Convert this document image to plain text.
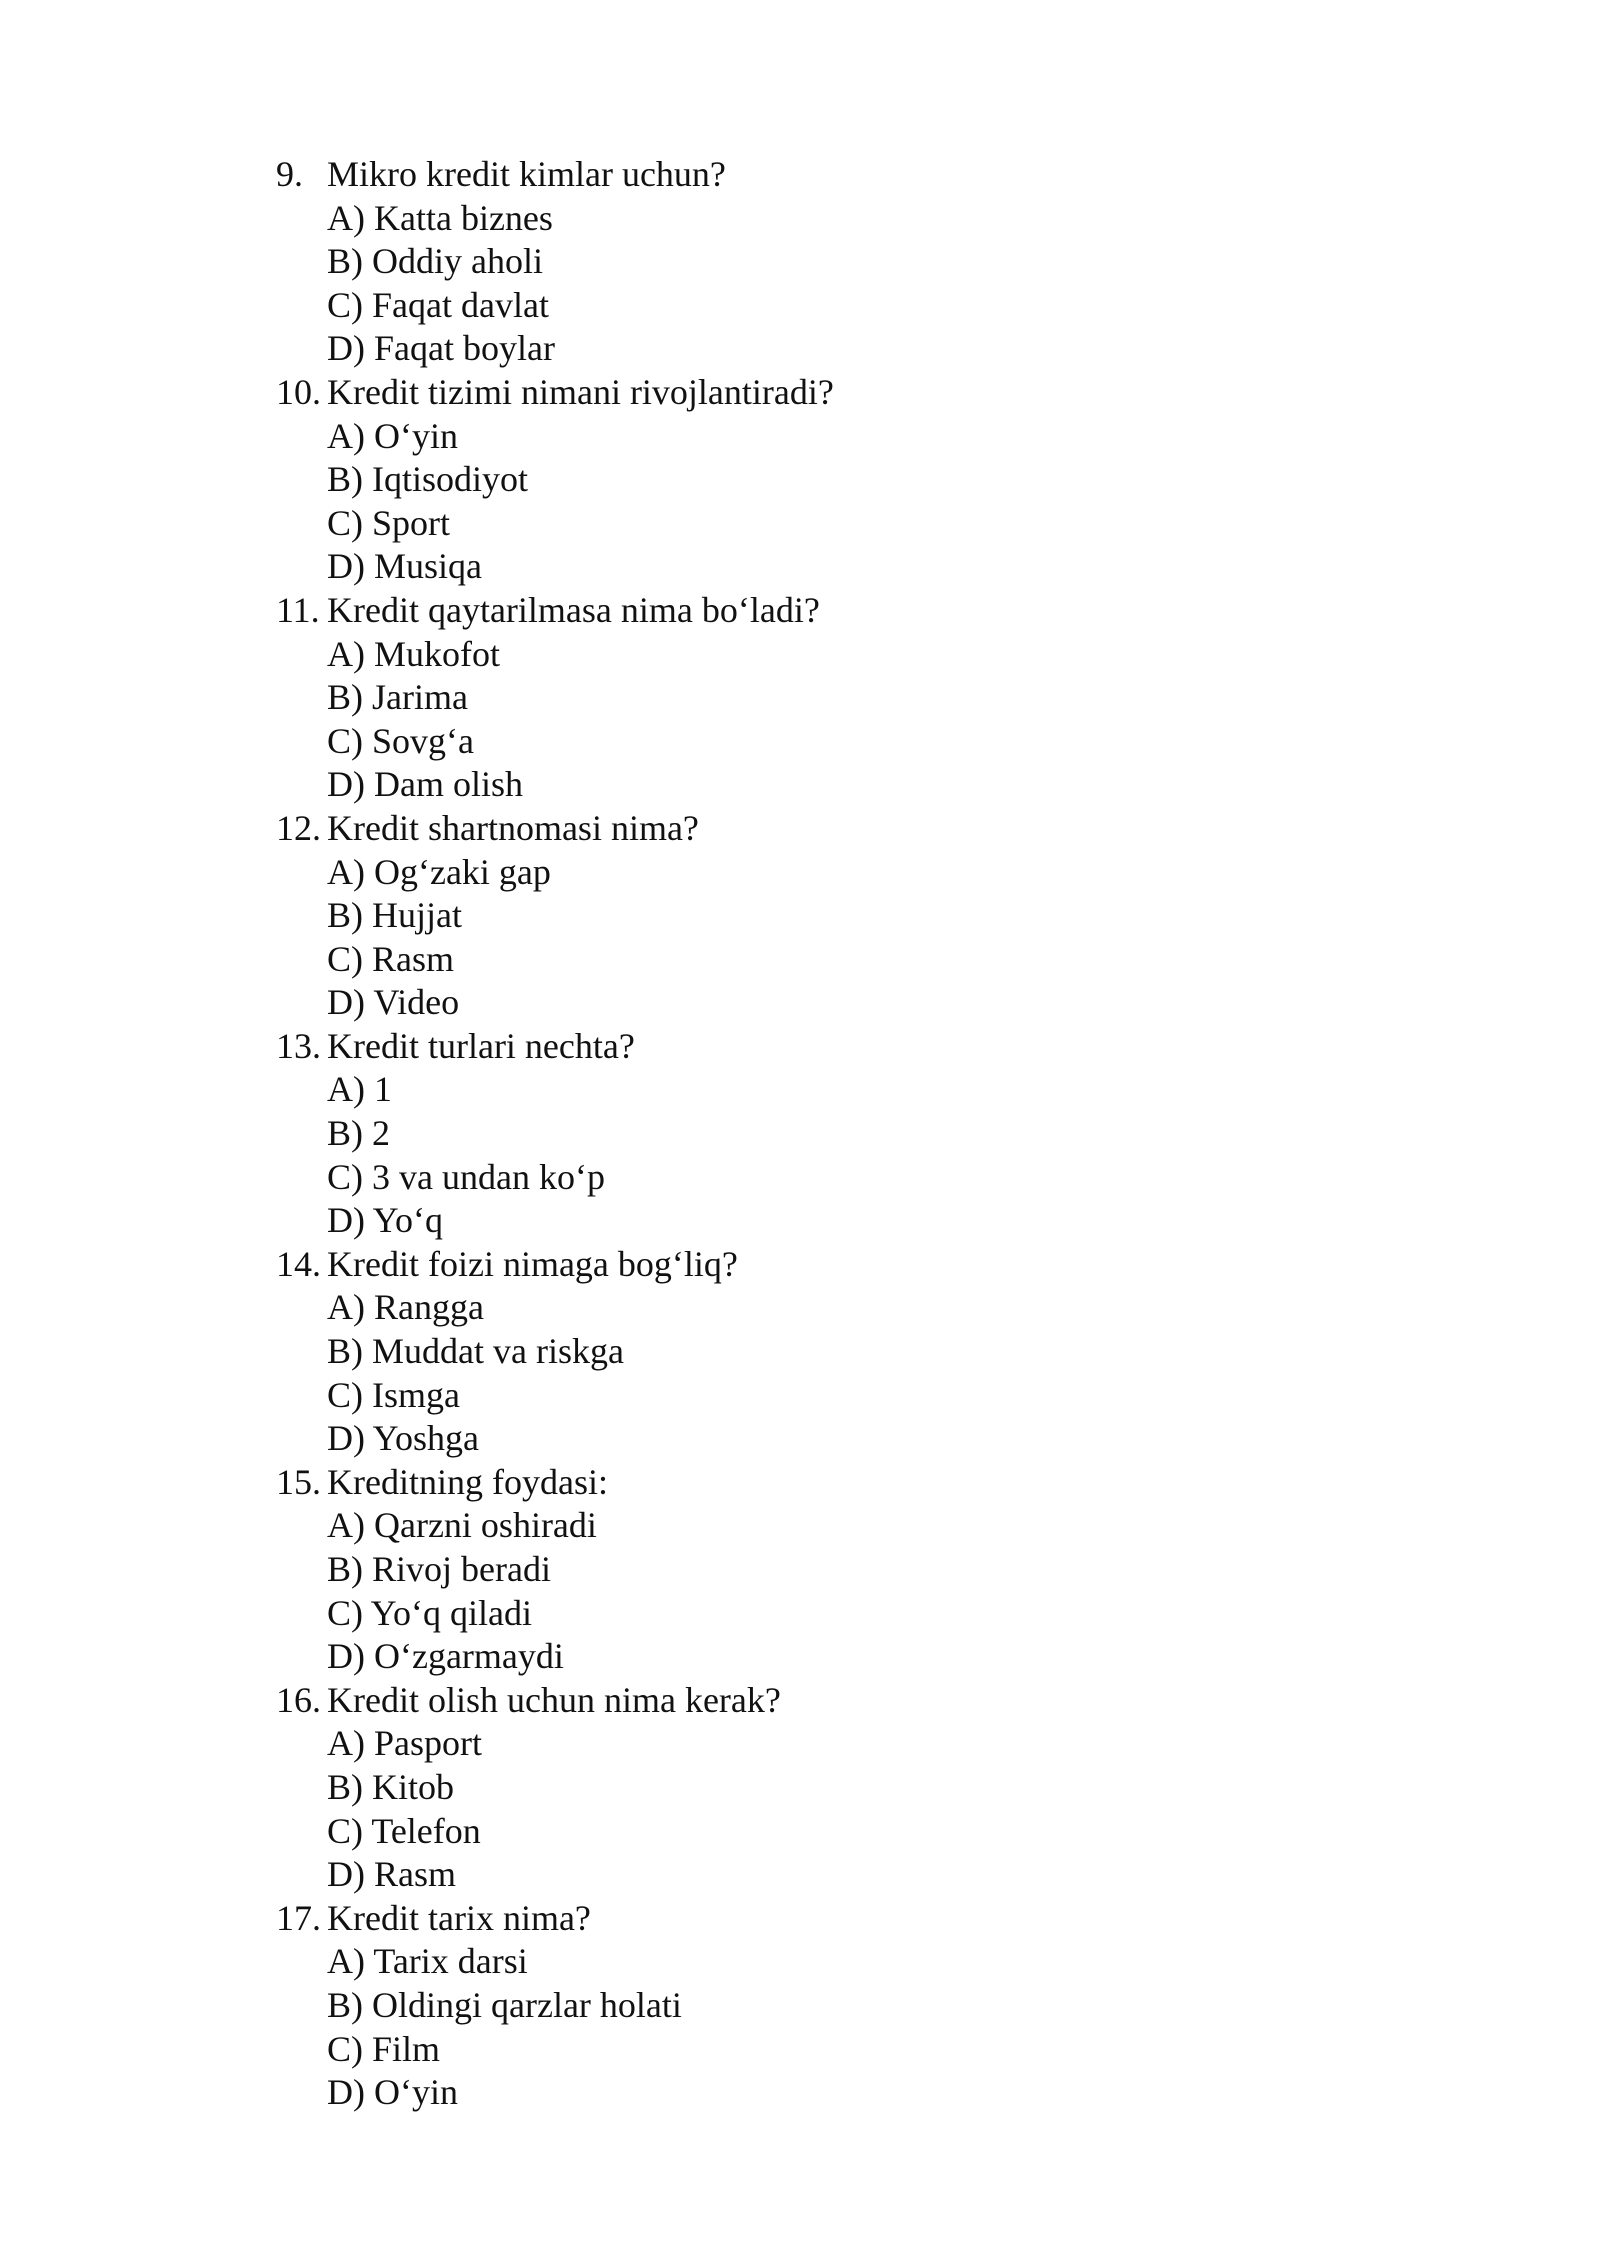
9. Mikro kredit kimlar uchun?
A) Katta biznes
B) Oddiy aholi
C) Faqat davlat
D) Faqat boylar
10. Kredit tizimi nimani rivojlantiradi?
A) O‘yin
B) Iqtisodiyot
C) Sport
D) Musiqa
11. Kredit qaytarilmasa nima bo‘ladi?
A) Mukofot
B) Jarima
C) Sovg‘a
D) Dam olish
12. Kredit shartnomasi nima?
A) Og‘zaki gap
B) Hujjat
C) Rasm
D) Video
13. Kredit turlari nechta?
A) 1
B) 2
C) 3 va undan ko‘p
D) Yo‘q
14. Kredit foizi nimaga bog‘liq?
A) Rangga
B) Muddat va riskga
C) Ismga
D) Yoshga
15. Kreditning foydasi:
A) Qarzni oshiradi
B) Rivoj beradi
C) Yo‘q qiladi
D) O‘zgarmaydi
16. Kredit olish uchun nima kerak?
A) Pasport
B) Kitob
C) Telefon
D) Rasm
17. Kredit tarix nima?
A) Tarix darsi
B) Oldingi qarzlar holati
C) Film
D) O‘yin
